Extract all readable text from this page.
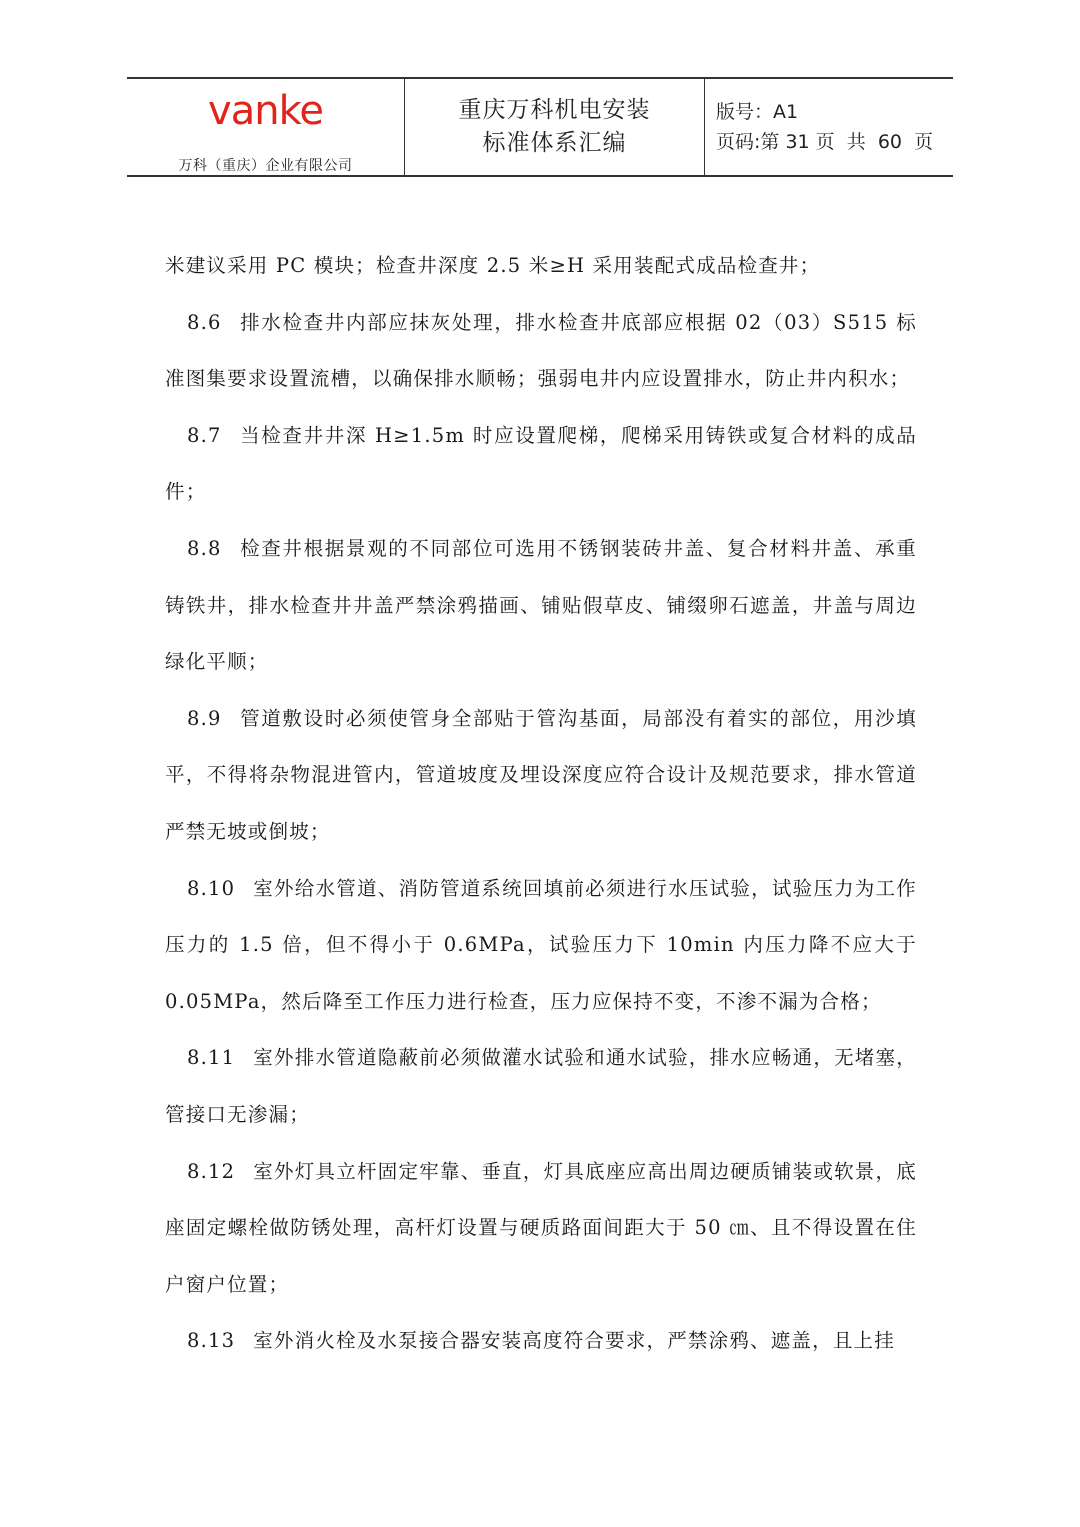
vanke
万科（重庆）企业有限公司
重庆万科机电安装
标准体系汇编
版号：A1
页码:第 31 页  共  60  页

米建议采用 PC 模块；检查井深度 2.5 米≥H 采用装配式成品检查井；

8.6 排水检查井内部应抹灰处理，排水检查井底部应根据 02（03）S515 标准图集要求设置流槽，以确保排水顺畅；强弱电井内应设置排水，防止井内积水；

8.7 当检查井井深 H≥1.5m 时应设置爬梯，爬梯采用铸铁或复合材料的成品件；

8.8 检查井根据景观的不同部位可选用不锈钢装砖井盖、复合材料井盖、承重铸铁井，排水检查井井盖严禁涂鸦描画、铺贴假草皮、铺缀卵石遮盖，井盖与周边绿化平顺；

8.9 管道敷设时必须使管身全部贴于管沟基面，局部没有着实的部位，用沙填平，不得将杂物混进管内，管道坡度及埋设深度应符合设计及规范要求，排水管道严禁无坡或倒坡；

8.10 室外给水管道、消防管道系统回填前必须进行水压试验，试验压力为工作压力的 1.5 倍，但不得小于 0.6MPa，试验压力下 10min 内压力降不应大于 0.05MPa，然后降至工作压力进行检查，压力应保持不变，不渗不漏为合格；

8.11 室外排水管道隐蔽前必须做灌水试验和通水试验，排水应畅通，无堵塞，管接口无渗漏；

8.12 室外灯具立杆固定牢靠、垂直，灯具底座应高出周边硬质铺装或软景，底座固定螺栓做防锈处理，高杆灯设置与硬质路面间距大于 50 ㎝、且不得设置在住户窗户位置；

8.13 室外消火栓及水泵接合器安装高度符合要求，严禁涂鸦、遮盖，且上挂
